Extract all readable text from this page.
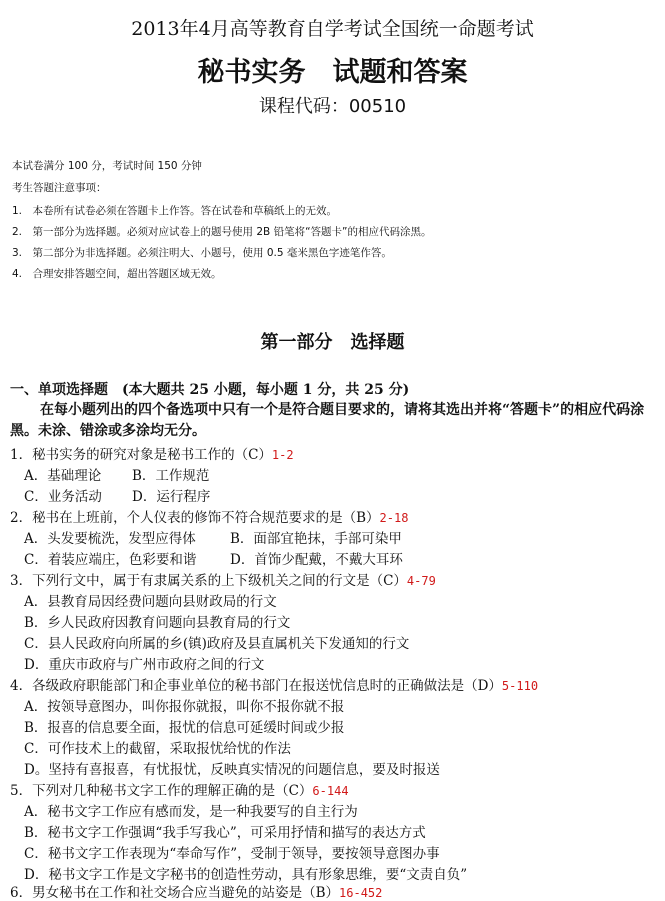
2013年4月高等教育自学考试全国统一命题考试
秘书实务　试题和答案
课程代码：00510
本试卷满分 100 分，考试时间 150 分钟
考生答题注意事项：
1.　本卷所有试卷必须在答题卡上作答。答在试卷和草稿纸上的无效。
2.　第一部分为选择题。必须对应试卷上的题号使用 2B 铅笔将“答题卡”的相应代码涂黑。
3.　第二部分为非选择题。必须注明大、小题号，使用 0.5 毫米黑色字迹笔作答。
4.　合理安排答题空间，超出答题区域无效。
第一部分　选择题
一、单项选择题　(本大题共 25 小题，每小题 1 分，共 25 分)
在每小题列出的四个备选项中只有一个是符合题目要求的，请将其选出并将“答题卡”的相应代码涂黑。未涂、错涂或多涂均无分。
1．秘书实务的研究对象是秘书工作的（C）1-2
A．基础理论 B．工作规范
C．业务活动 D．运行程序
2．秘书在上班前，个人仪表的修饰不符合规范要求的是（B）2-18
A．头发要梳洗，发型应得体	B．面部宜艳抹，手部可染甲
C．着装应端庄，色彩要和谐 D．首饰少配戴，不戴大耳环
3．下列行文中，属于有隶属关系的上下级机关之间的行文是（C）4-79
A．县教育局因经费问题向县财政局的行文
B．乡人民政府因教育问题向县教育局的行文
C．县人民政府向所属的乡(镇)政府及县直属机关下发通知的行文
D．重庆市政府与广州市政府之间的行文
4．各级政府职能部门和企事业单位的秘书部门在报送忧信息时的正确做法是（D）5-110
A．按领导意图办，叫你报你就报，叫你不报你就不报
B．报喜的信息要全面，报忧的信息可延缓时间或少报
C．可作技术上的截留，采取报忧给忧的作法
D。坚持有喜报喜，有忧报忧，反映真实情况的问题信息，要及时报送
5．下列对几种秘书文字工作的理解正确的是（C）6-144
A．秘书文字工作应有感而发，是一种我要写的自主行为
B．秘书文字工作强调“我手写我心”，可采用抒情和描写的表达方式
C．秘书文字工作表现为“奉命写作”，受制于领导，要按领导意图办事
D．秘书文字工作是文字秘书的创造性劳动，具有形象思维，要“文责自负”
6．男女秘书在工作和社交场合应当避免的站姿是（B）16-452
